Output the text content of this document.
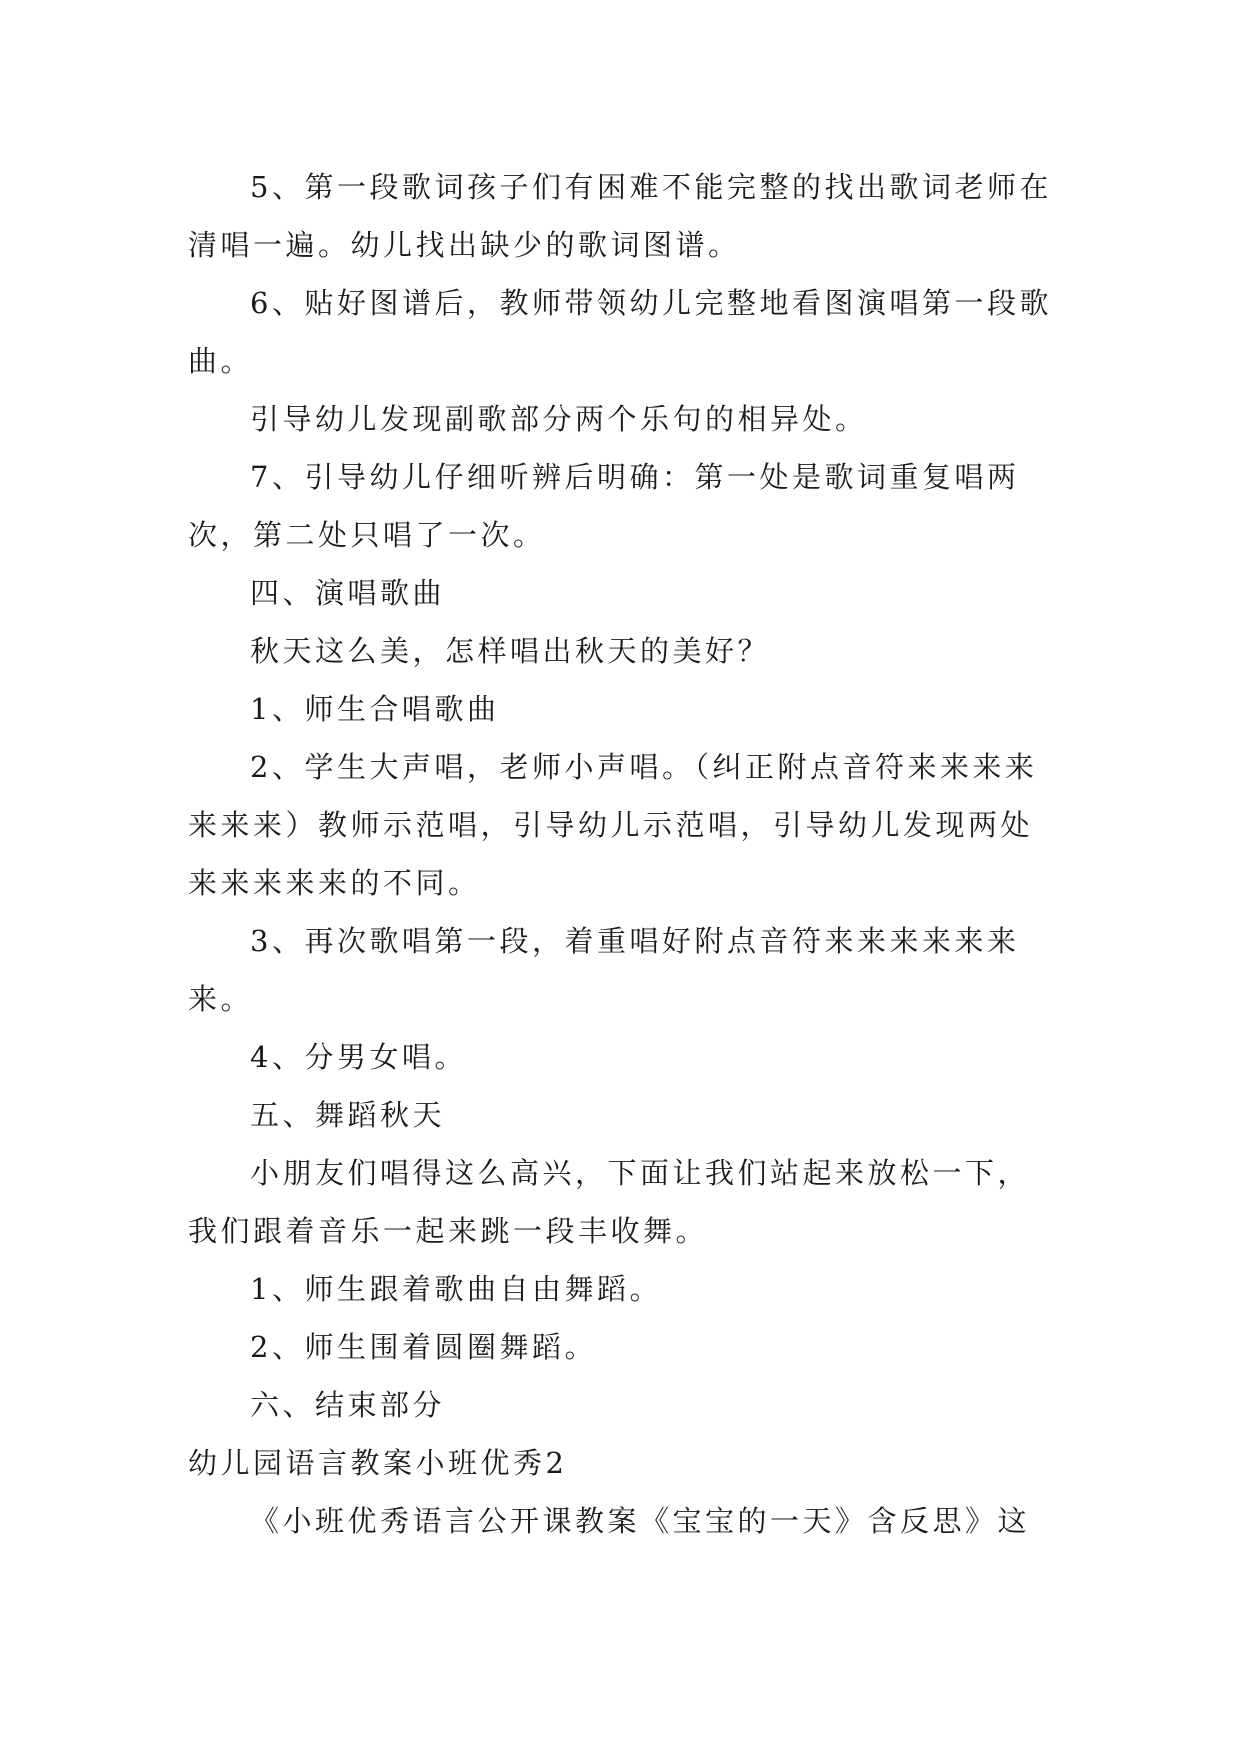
5、第一段歌词孩子们有困难不能完整的找出歌词老师在清唱一遍。幼儿找出缺少的歌词图谱。

6、贴好图谱后，教师带领幼儿完整地看图演唱第一段歌曲。

引导幼儿发现副歌部分两个乐句的相异处。

7、引导幼儿仔细听辨后明确：第一处是歌词重复唱两次，第二处只唱了一次。

四、演唱歌曲

秋天这么美，怎样唱出秋天的美好？

1、师生合唱歌曲

2、学生大声唱，老师小声唱。（纠正附点音符来来来来来来来）教师示范唱，引导幼儿示范唱，引导幼儿发现两处来来来来来的不同。

3、再次歌唱第一段，着重唱好附点音符来来来来来来来。

4、分男女唱。

五、舞蹈秋天

小朋友们唱得这么高兴，下面让我们站起来放松一下，我们跟着音乐一起来跳一段丰收舞。

1、师生跟着歌曲自由舞蹈。

2、师生围着圆圈舞蹈。

六、结束部分

幼儿园语言教案小班优秀2

《小班优秀语言公开课教案《宝宝的一天》含反思》这
